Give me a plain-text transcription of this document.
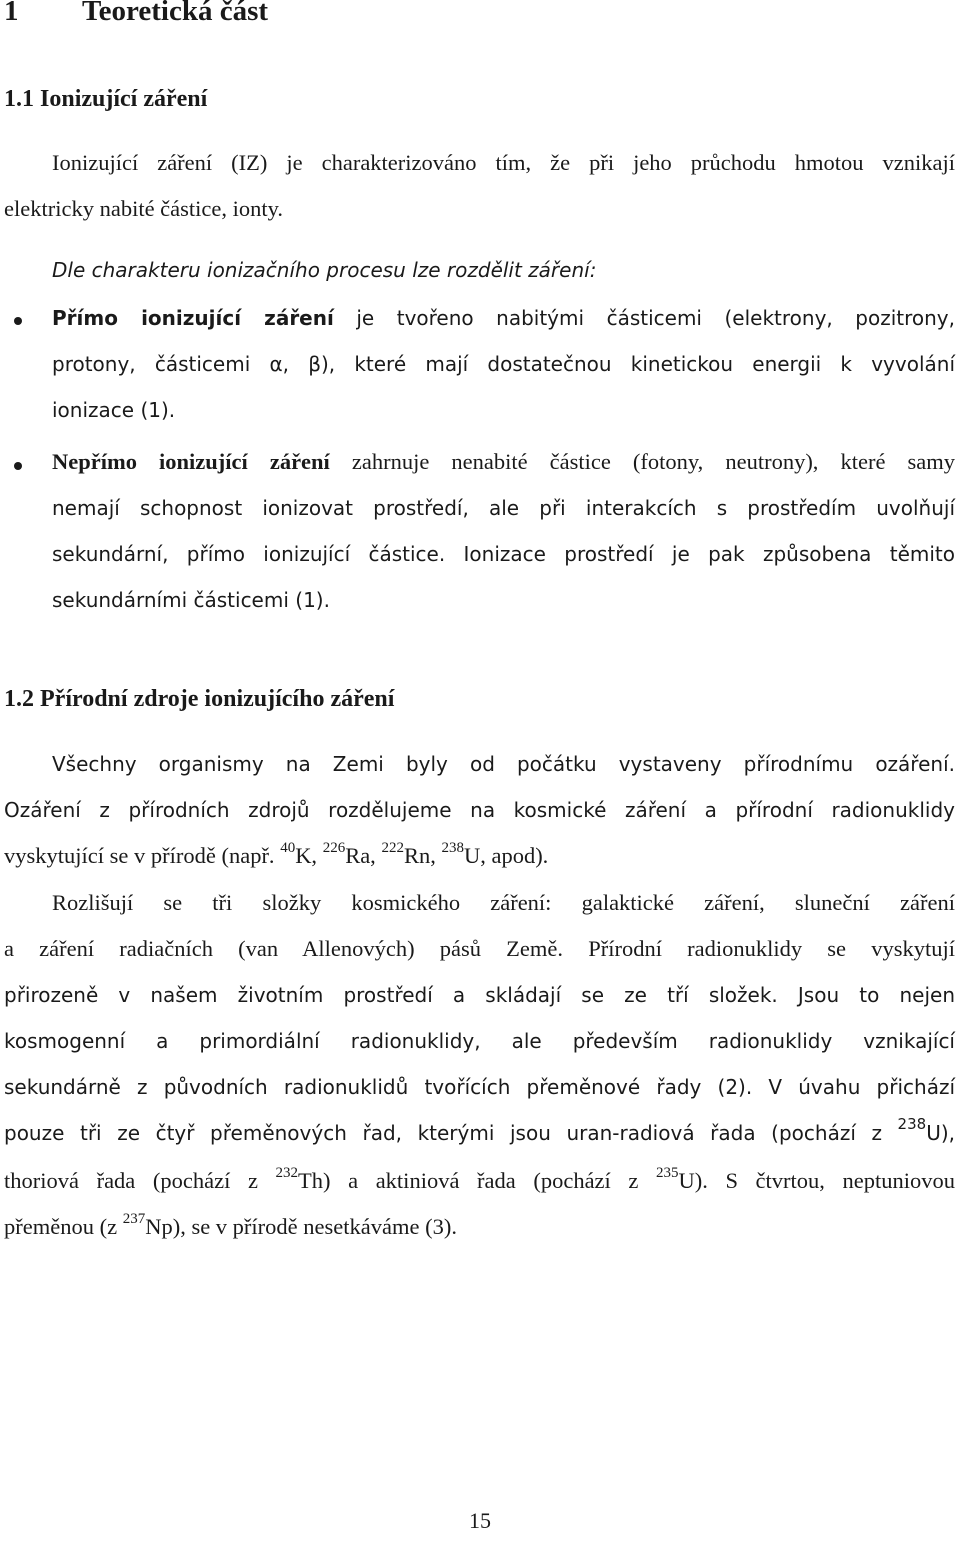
1 Teoretická část
1.1 Ionizující záření
Ionizující záření (IZ) je charakterizováno tím, že při jeho průchodu hmotou vznikají
elektricky nabité částice, ionty.
Dle charakteru ionizačního procesu lze rozdělit záření:
Přímo ionizující záření je tvořeno nabitými částicemi (elektrony, pozitrony,
protony, částicemi α, β), které mají dostatečnou kinetickou energii k vyvolání
ionizace (1).
Nepřímo ionizující záření zahrnuje nenabité částice (fotony, neutrony), které samy
nemají schopnost ionizovat prostředí, ale při interakcích s prostředím uvolňují
sekundární, přímo ionizující částice. Ionizace prostředí je pak způsobena těmito
sekundárními částicemi (1).
1.2 Přírodní zdroje ionizujícího záření
Všechny organismy na Zemi byly od počátku vystaveny přírodnímu ozáření.
Ozáření z přírodních zdrojů rozdělujeme na kosmické záření a přírodní radionuklidy
vyskytující se v přírodě (např. $^{40}$K, $^{226}$Ra, $^{222}$Rn, $^{238}$U, apod).
Rozlišují se tři složky kosmického záření: galaktické záření, sluneční záření
a záření radiačních (van Allenových) pásů Země. Přírodní radionuklidy se vyskytují
přirozeně v našem životním prostředí a skládají se ze tří složek. Jsou to nejen
kosmogenní a primordiální radionuklidy, ale především radionuklidy vznikající
sekundárně z původních radionuklidů tvořících přeměnové řady (2). V úvahu přichází
pouze tři ze čtyř přeměnových řad, kterými jsou uran-radiová řada (pochází z $^{238}$U),
thoriová řada (pochází z $^{232}$Th) a aktiniová řada (pochází z $^{235}$U). S čtvrtou, neptuniovou
přeměnou (z $^{237}$Np), se v přírodě nesetkáváme (3).
15
